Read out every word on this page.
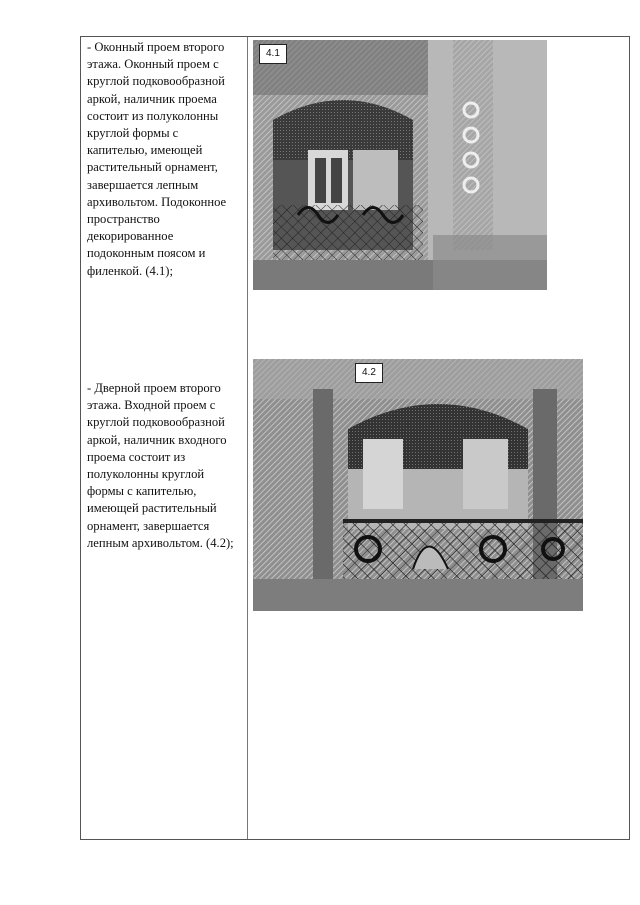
- Оконный проем второго этажа. Оконный проем с круглой подковообразной аркой, наличник проема состоит из полуколонны круглой формы с капителью, имеющей растительный орнамент, завершается лепным архивольтом. Подоконное пространство декорированное подоконным поясом и филенкой. (4.1);
4.1
- Дверной проем второго этажа. Входной проем с круглой подковообразной аркой, наличник входного проема состоит из полуколонны круглой формы с капителью, имеющей растительный орнамент, завершается лепным архивольтом. (4.2);
4.2
